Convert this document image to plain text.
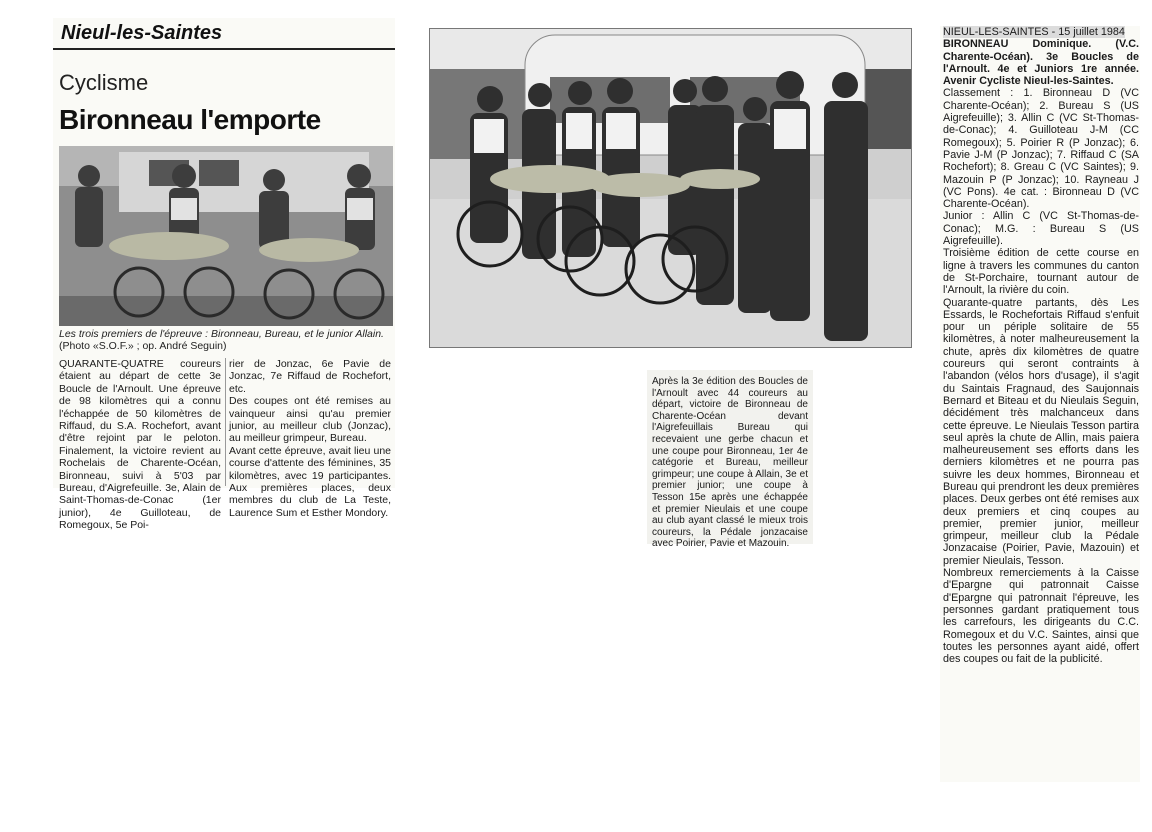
Nieul-les-Saintes
Cyclisme
Bironneau l'emporte
Les trois premiers de l'épreuve : Bironneau, Bureau, et le junior Allain. (Photo «S.O.F.» ; op. André Seguin)

QUARANTE-QUATRE coureurs étaient au départ de cette 3e Boucle de l'Arnoult. Une épreuve de 98 kilomètres qui a connu l'échappée de 50 kilomètres de Riffaud, du S.A. Rochefort, avant d'être rejoint par le peloton. Finalement, la victoire revient au Rochelais de Charente-Océan, Bironneau, suivi à 5'03 par Bureau, d'Aigrefeuille. 3e, Alain de Saint-Thomas-de-Conac (1er junior), 4e Guilloteau, de Romegoux, 5e Poi-

rier de Jonzac, 6e Pavie de Jonzac, 7e Riffaud de Rochefort, etc.

Des coupes ont été remises au vainqueur ainsi qu'au premier junior, au meilleur club (Jonzac), au meilleur grimpeur, Bureau.

Avant cette épreuve, avait lieu une course d'attente des féminines, 35 kilomètres, avec 19 participantes. Aux premières places, deux membres du club de La Teste, Laurence Sum et Esther Mondory.

Après la 3e édition des Boucles de l'Arnoult avec 44 coureurs au départ, victoire de Bironneau de Charente-Océan devant l'Aigrefeuillais Bureau qui recevaient une gerbe chacun et une coupe pour Bironneau, 1er 4e catégorie et Bureau, meilleur grimpeur; une coupe à Allain, 3e et premier junior; une coupe à Tesson 15e après une échappée et premier Nieulais et une coupe au club ayant classé le mieux trois coureurs, la Pédale jonzacaise avec Poirier, Pavie et Mazouin.

NIEUL-LES-SAINTES - 15 juillet 1984

BIRONNEAU Dominique. (V.C. Charente-Océan). 3e Boucles de l'Arnoult. 4e et Juniors 1re année. Avenir Cycliste Nieul-les-Saintes.

Classement : 1. Bironneau D (VC Charente-Océan); 2. Bureau S (US Aigrefeuille); 3. Allin C (VC St-Thomas-de-Conac); 4. Guilloteau J-M (CC Romegoux); 5. Poirier R (P Jonzac); 6. Pavie J-M (P Jonzac); 7. Riffaud C (SA Rochefort); 8. Greau C (VC Saintes); 9. Mazouin P (P Jonzac); 10. Rayneau J (VC Pons). 4e cat. : Bironneau D (VC Charente-Océan).

Junior : Allin C (VC St-Thomas-de-Conac); M.G. : Bureau S (US Aigrefeuille).

Troisième édition de cette course en ligne à travers les communes du canton de St-Porchaire, tournant autour de l'Arnoult, la rivière du coin.

Quarante-quatre partants, dès Les Essards, le Rochefortais Riffaud s'enfuit pour un périple solitaire de 55 kilomètres, à noter malheureusement la chute, après dix kilomètres de quatre coureurs qui seront contraints à l'abandon (vélos hors d'usage), il s'agit du Saintais Fragnaud, des Saujonnais Bernard et Biteau et du Nieulais Seguin, décidément très malchanceux dans cette épreuve. Le Nieulais Tesson partira seul après la chute de Allin, mais paiera malheureusement ses efforts dans les derniers kilomètres et ne pourra pas suivre les deux hommes, Bironneau et Bureau qui prendront les deux premières places. Deux gerbes ont été remises aux deux premiers et cinq coupes au premier, premier junior, meilleur grimpeur, meilleur club la Pédale Jonzacaise (Poirier, Pavie, Mazouin) et premier Nieulais, Tesson.

Nombreux remerciements à la Caisse d'Epargne qui patronnait Caisse d'Epargne qui patronnait l'épreuve, les personnes gardant pratiquement tous les carrefours, les dirigeants du C.C. Romegoux et du V.C. Saintes, ainsi que toutes les personnes ayant aidé, offert des coupes ou fait de la publicité.
